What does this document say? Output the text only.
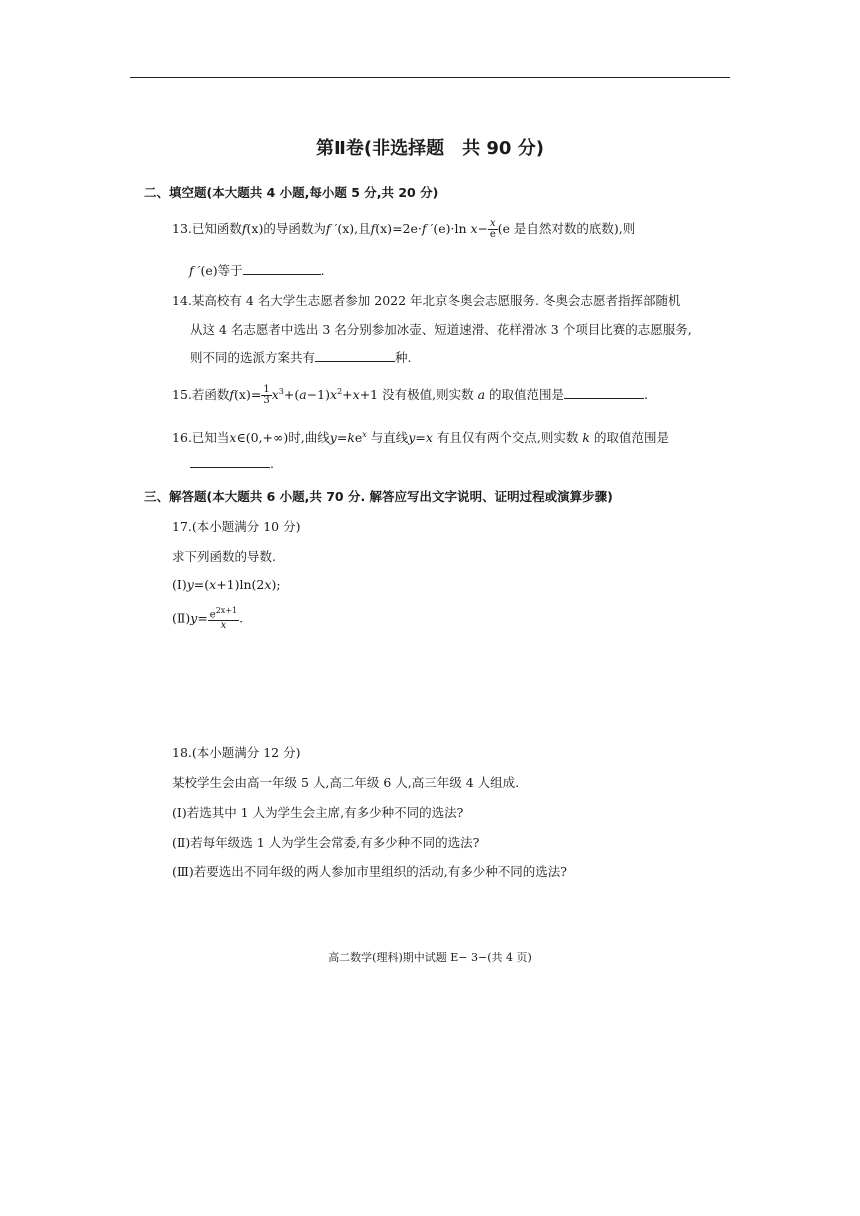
第Ⅱ卷(非选择题　共 90 分)
二、填空题(本大题共 4 小题,每小题 5 分,共 20 分)
13.已知函数f(x)的导函数为f ′(x),且f(x)=2e·f ′(e)·ln $x- \frac{x}{e} (e$ 是自然对数的底数),则
f ′(e)等于	.
14.某高校有 4 名大学生志愿者参加 2022 年北京冬奥会志愿服务. 冬奥会志愿者指挥部随机
从这 4 名志愿者中选出 3 名分别参加冰壶、短道速滑、花样滑冰 3 个项目比赛的志愿服务,
则不同的选派方案共有	种.
15.若函数$f(x)= \frac{1}{3} x^3+(a-1)x^2+x+1$ 没有极值,则实数 a 的取值范围是	.
16.已知当x∈(0,+∞)时,曲线$y=ke^x$ 与直线y=x 有且仅有两个交点,则实数 k 的取值范围是
.
三、解答题(本大题共 6 小题,共 70 分. 解答应写出文字说明、证明过程或演算步骤)
17.(本小题满分 10 分)
求下列函数的导数.
(Ⅰ)y=(x+1)ln(2x);
(Ⅱ)y= $\frac{e^{2x+1}}{x}$ .
18.(本小题满分 12 分)
某校学生会由高一年级 5 人,高二年级 6 人,高三年级 4 人组成.
(Ⅰ)若选其中 1 人为学生会主席,有多少种不同的选法?
(Ⅱ)若每年级选 1 人为学生会常委,有多少种不同的选法?
(Ⅲ)若要选出不同年级的两人参加市里组织的活动,有多少种不同的选法?
高二数学(理科)期中试题 E− 3−(共 4 页)
